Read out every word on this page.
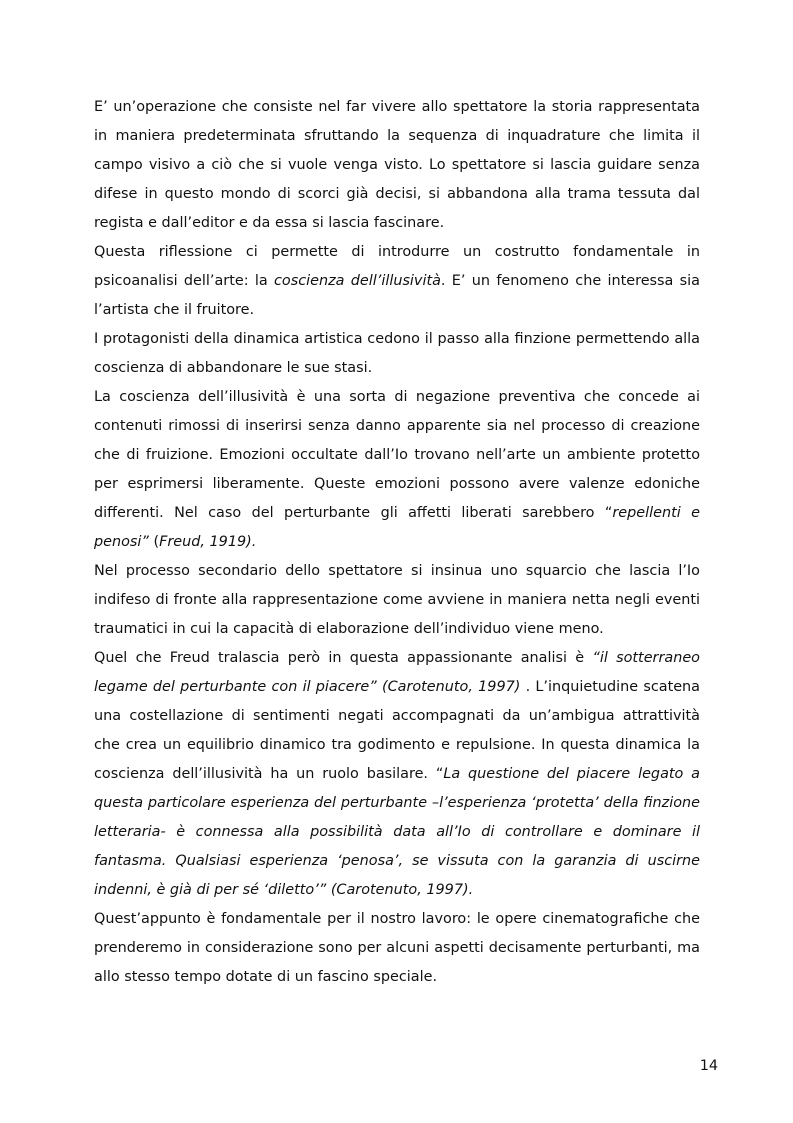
E’ un’operazione che consiste nel far vivere allo spettatore la storia rappresentata in maniera predeterminata sfruttando la sequenza di inquadrature che limita il campo visivo a ciò che si vuole venga visto. Lo spettatore si lascia guidare senza difese in questo mondo di scorci già decisi, si abbandona alla trama tessuta dal regista e dall’editor e da essa si lascia fascinare.

Questa riflessione ci permette di introdurre un costrutto fondamentale in psicoanalisi dell’arte: la coscienza dell’illusività. E’ un fenomeno che interessa sia l’artista che il fruitore.

I protagonisti della dinamica artistica cedono il passo alla finzione permettendo alla coscienza di abbandonare le sue stasi.

La coscienza dell’illusività è una sorta di negazione preventiva che concede ai contenuti rimossi di inserirsi senza danno apparente sia nel processo di creazione che di fruizione. Emozioni occultate dall’Io trovano nell’arte un ambiente protetto per esprimersi liberamente. Queste emozioni possono avere valenze edoniche differenti. Nel caso del perturbante gli affetti liberati sarebbero “repellenti e penosi” (Freud, 1919).

Nel processo secondario dello spettatore si insinua uno squarcio che lascia l’Io indifeso di fronte alla rappresentazione come avviene in maniera netta negli eventi traumatici in cui la capacità di elaborazione dell’individuo viene meno.

Quel che Freud tralascia però in questa appassionante analisi è “il sotterraneo legame del perturbante con il piacere” (Carotenuto, 1997) . L’inquietudine scatena una costellazione di sentimenti negati accompagnati da un’ambigua attrattività che crea un equilibrio dinamico tra godimento e repulsione. In questa dinamica la coscienza dell’illusività ha un ruolo basilare. “La questione del piacere legato a questa particolare esperienza del perturbante –l’esperienza ‘protetta’ della finzione letteraria- è connessa alla possibilità data all’Io di controllare e dominare il fantasma. Qualsiasi esperienza ‘penosa’, se vissuta con la garanzia di uscirne indenni, è già di per sé ‘diletto’” (Carotenuto, 1997).

Quest’appunto è fondamentale per il nostro lavoro: le opere cinematografiche che prenderemo in considerazione sono per alcuni aspetti decisamente perturbanti, ma allo stesso tempo dotate di un fascino speciale.

14
